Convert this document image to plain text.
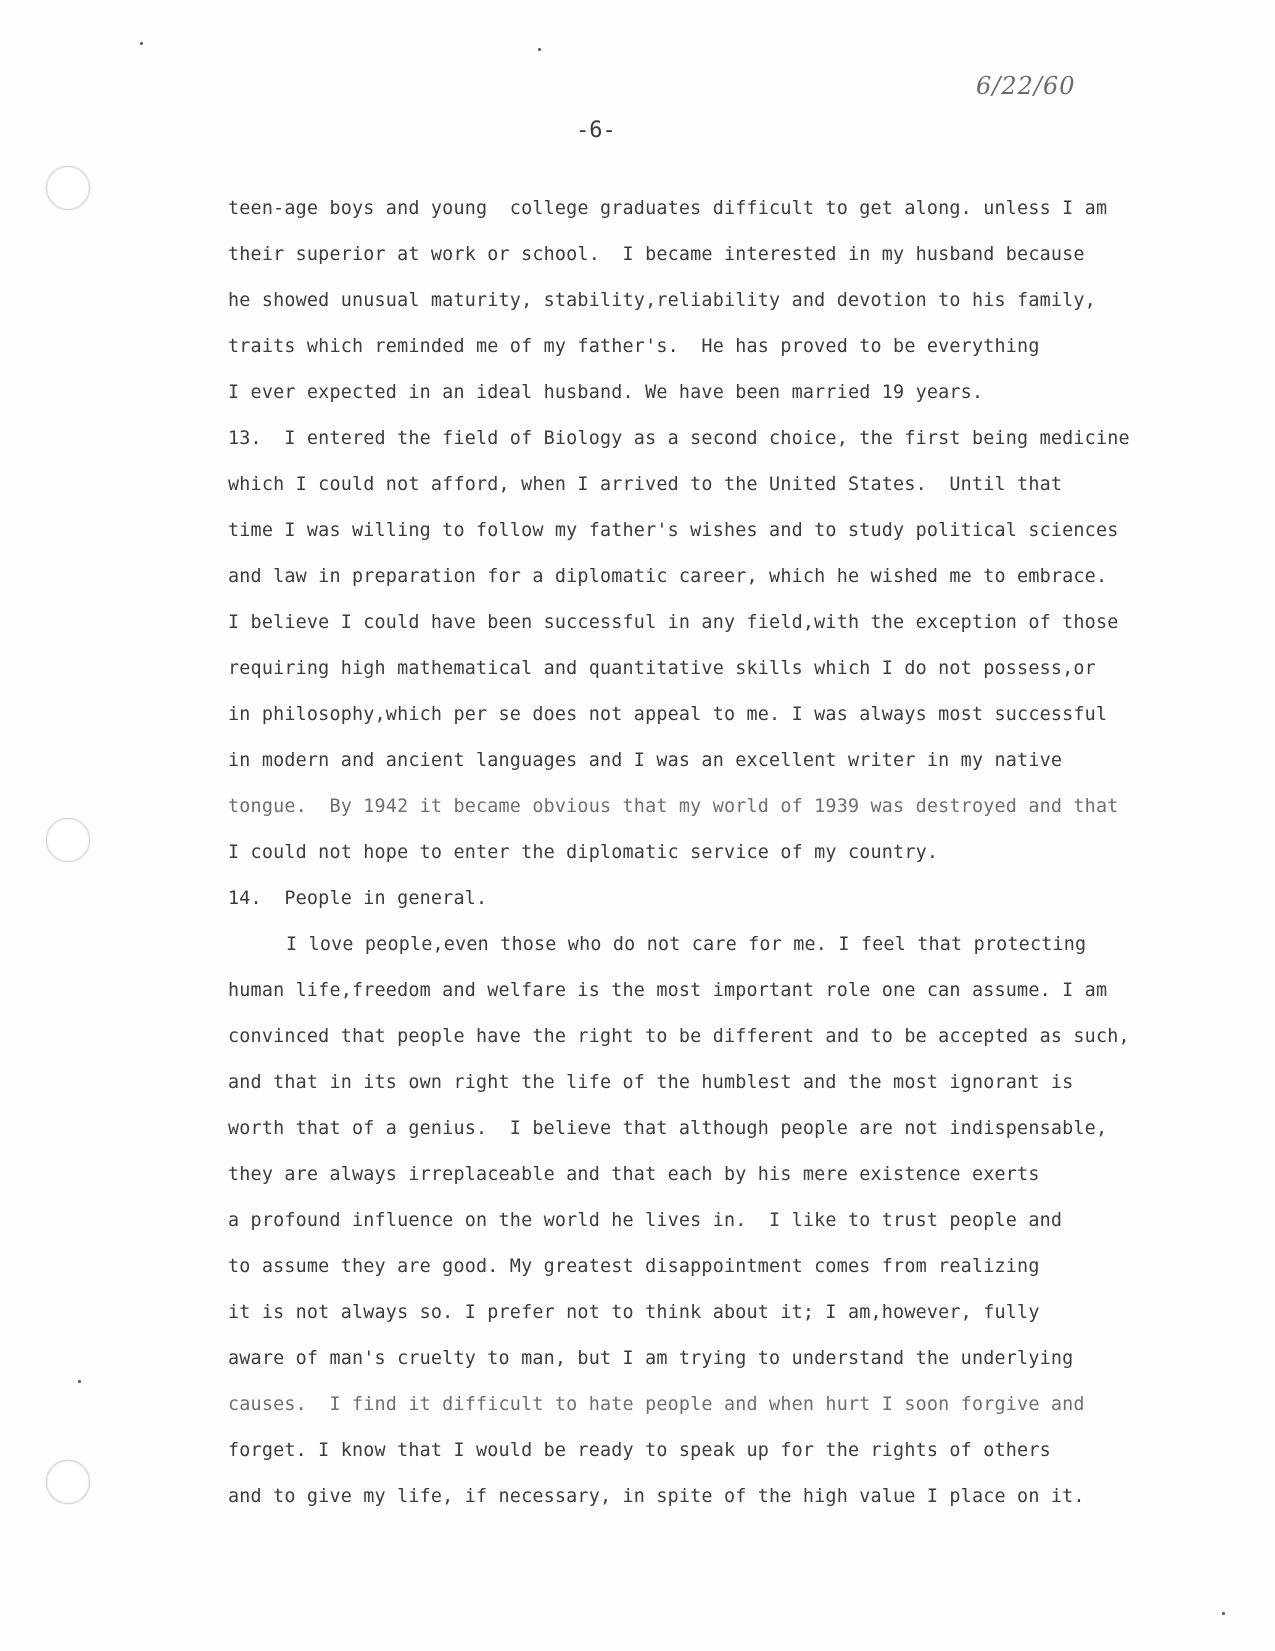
6/22/60
-6-
teen-age boys and young  college graduates difficult to get along. unless I am
their superior at work or school.  I became interested in my husband because
he showed unusual maturity, stability,reliability and devotion to his family,
traits which reminded me of my father's.  He has proved to be everything
I ever expected in an ideal husband. We have been married 19 years.
13.  I entered the field of Biology as a second choice, the first being medicine
which I could not afford, when I arrived to the United States.  Until that
time I was willing to follow my father's wishes and to study political sciences
and law in preparation for a diplomatic career, which he wished me to embrace.
I believe I could have been successful in any field,with the exception of those
requiring high mathematical and quantitative skills which I do not possess,or
in philosophy,which per se does not appeal to me. I was always most successful
in modern and ancient languages and I was an excellent writer in my native
tongue.  By 1942 it became obvious that my world of 1939 was destroyed and that
I could not hope to enter the diplomatic service of my country.
14.  People in general.
I love people,even those who do not care for me. I feel that protecting
human life,freedom and welfare is the most important role one can assume. I am
convinced that people have the right to be different and to be accepted as such,
and that in its own right the life of the humblest and the most ignorant is
worth that of a genius.  I believe that although people are not indispensable,
they are always irreplaceable and that each by his mere existence exerts
a profound influence on the world he lives in.  I like to trust people and
to assume they are good. My greatest disappointment comes from realizing
it is not always so. I prefer not to think about it; I am,however, fully
aware of man's cruelty to man, but I am trying to understand the underlying
causes.  I find it difficult to hate people and when hurt I soon forgive and
forget. I know that I would be ready to speak up for the rights of others
and to give my life, if necessary, in spite of the high value I place on it.
